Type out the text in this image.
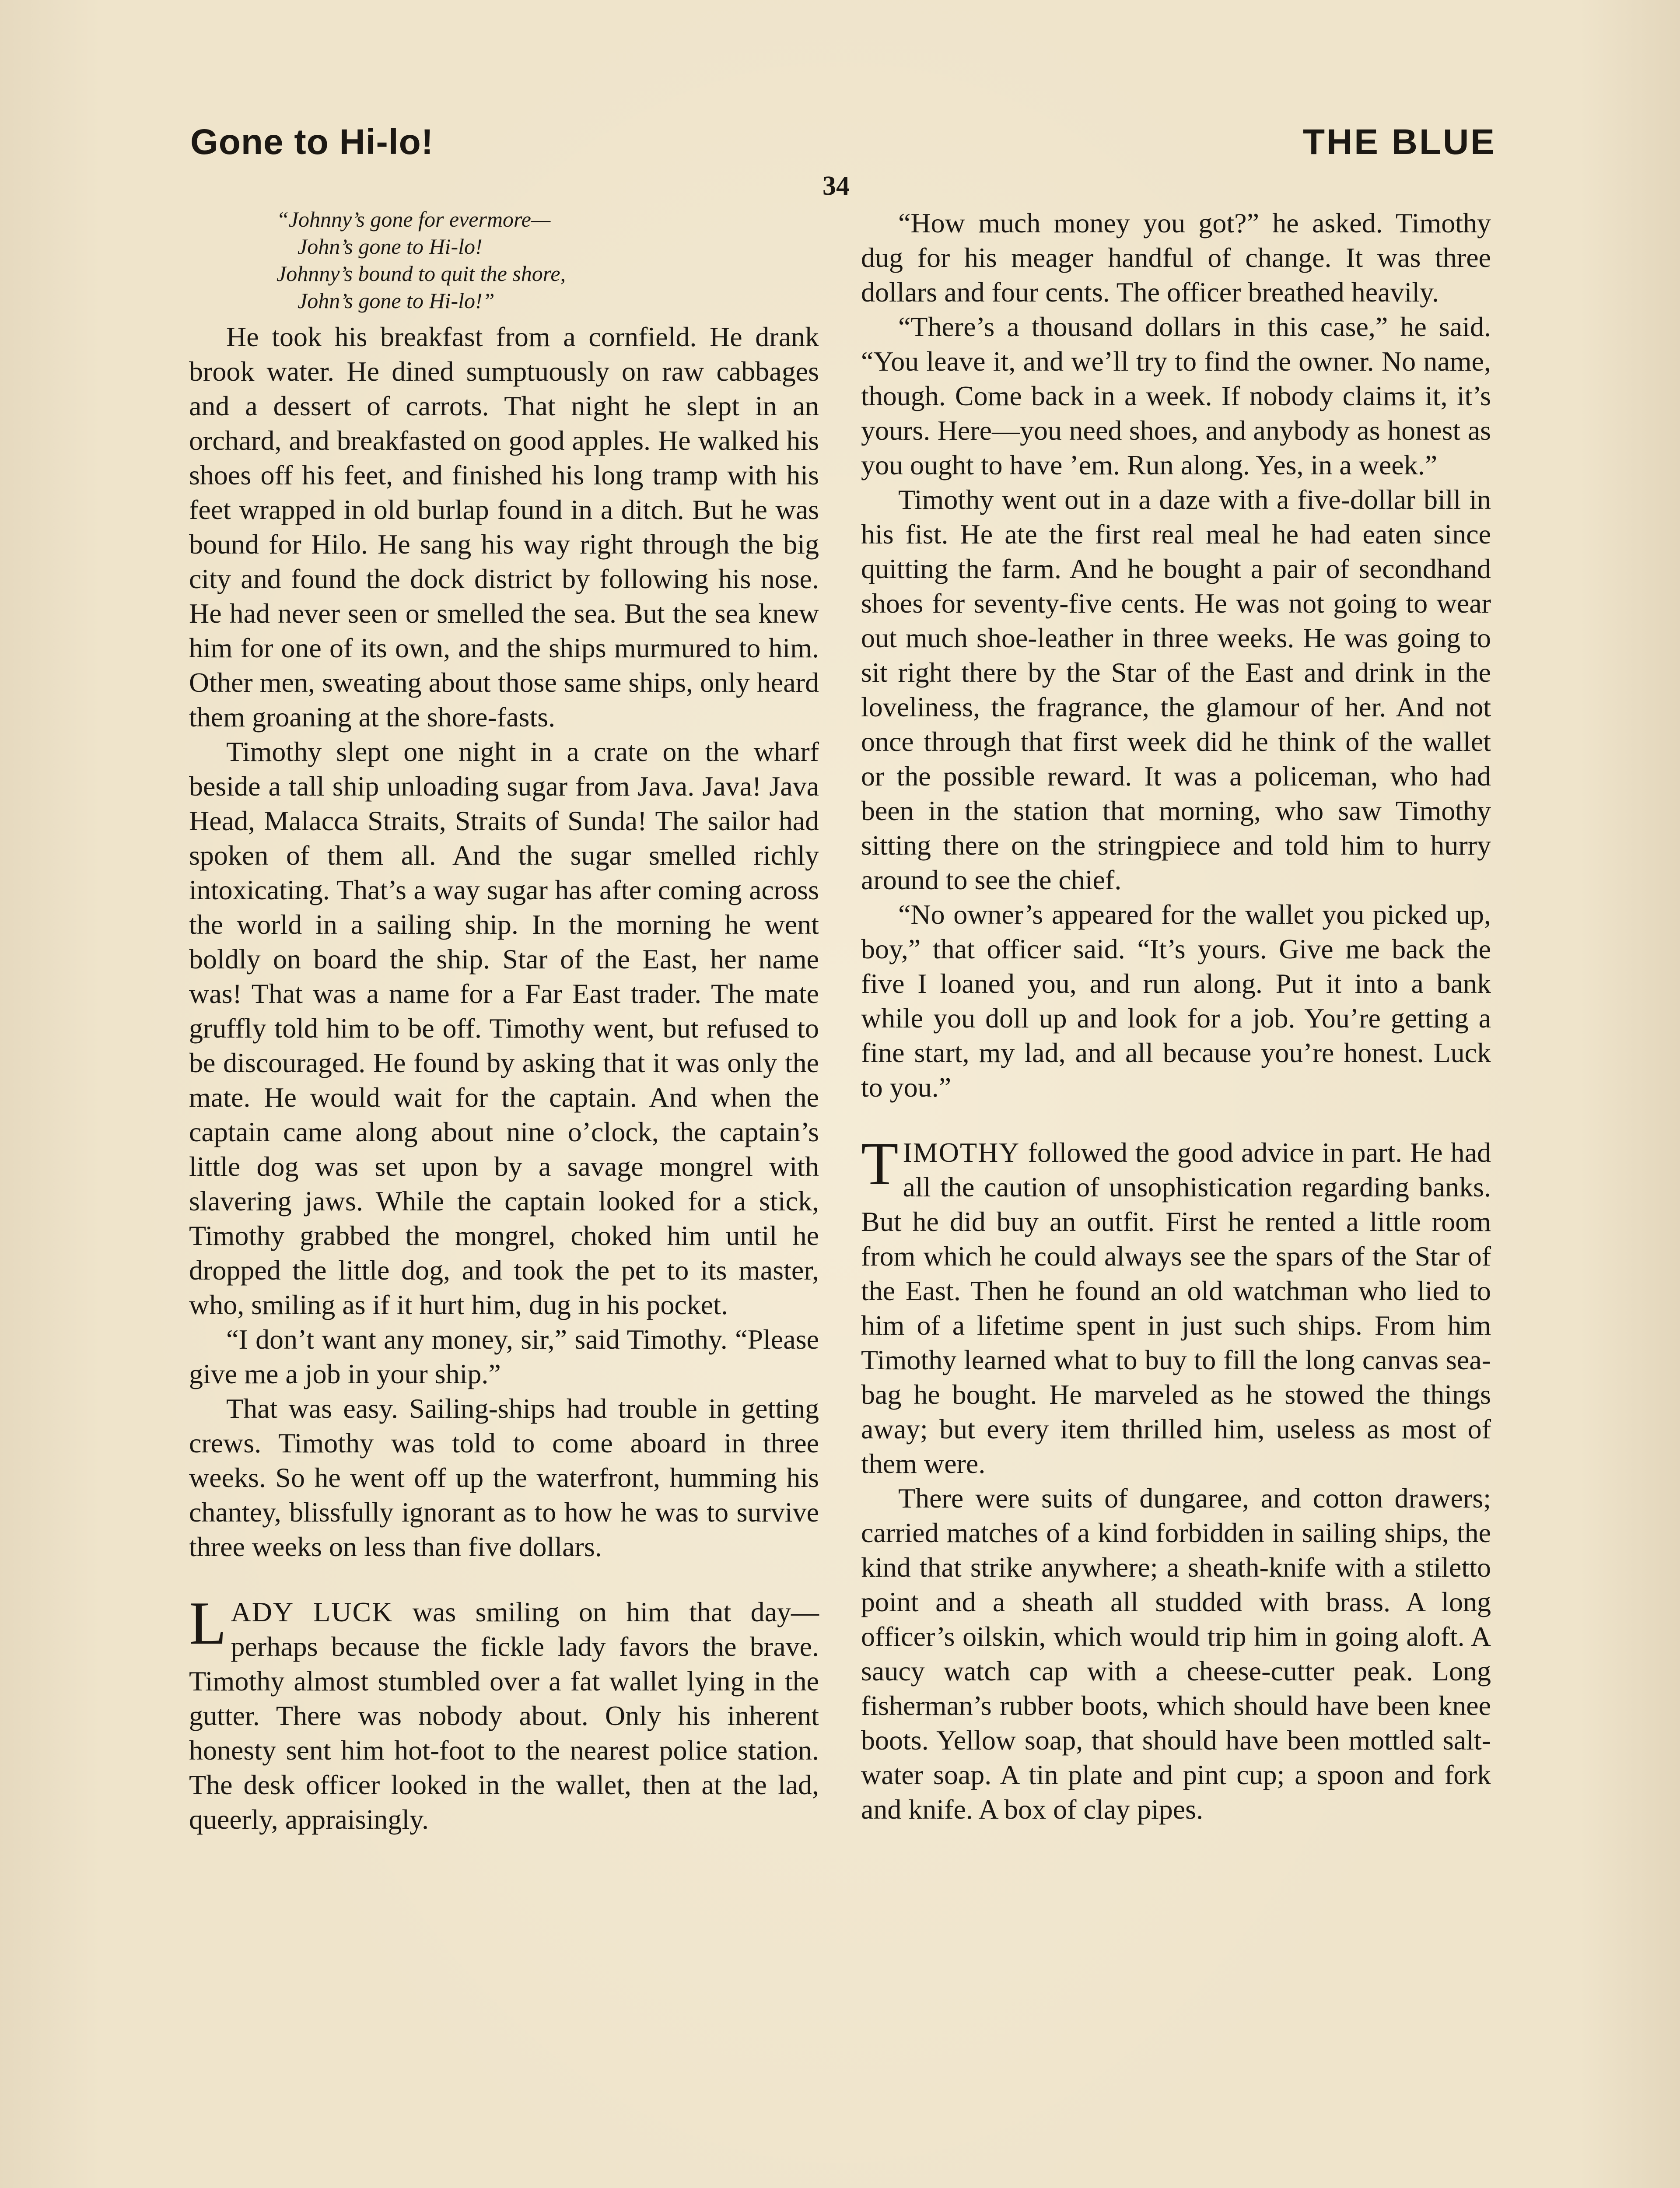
Gone to Hi-lo!	THE BLUE
34
“Johnny’s gone for evermore—
John’s gone to Hi-lo!
Johnny’s bound to quit the shore,
John’s gone to Hi-lo!”

He took his breakfast from a cornfield. He drank brook water. He dined sumptuously on raw cabbages and a dessert of carrots. That night he slept in an orchard, and breakfasted on good apples. He walked his shoes off his feet, and finished his long tramp with his feet wrapped in old burlap found in a ditch. But he was bound for Hilo. He sang his way right through the big city and found the dock district by following his nose. He had never seen or smelled the sea. But the sea knew him for one of its own, and the ships murmured to him. Other men, sweating about those same ships, only heard them groaning at the shore-fasts.

Timothy slept one night in a crate on the wharf beside a tall ship unloading sugar from Java. Java! Java Head, Malacca Straits, Straits of Sunda! The sailor had spoken of them all. And the sugar smelled richly intoxicating. That’s a way sugar has after coming across the world in a sailing ship. In the morning he went boldly on board the ship. Star of the East, her name was! That was a name for a Far East trader. The mate gruffly told him to be off. Timothy went, but refused to be discouraged. He found by asking that it was only the mate. He would wait for the captain. And when the captain came along about nine o’clock, the captain’s little dog was set upon by a savage mongrel with slavering jaws. While the captain looked for a stick, Timothy grabbed the mongrel, choked him until he dropped the little dog, and took the pet to its master, who, smiling as if it hurt him, dug in his pocket.

“I don’t want any money, sir,” said Timothy. “Please give me a job in your ship.”

That was easy. Sailing-ships had trouble in getting crews. Timothy was told to come aboard in three weeks. So he went off up the waterfront, humming his chantey, blissfully ignorant as to how he was to survive three weeks on less than five dollars.

LADY LUCK was smiling on him that day—perhaps because the fickle lady favors the brave. Timothy almost stumbled over a fat wallet lying in the gutter. There was nobody about. Only his inherent honesty sent him hot-foot to the nearest police station. The desk officer looked in the wallet, then at the lad, queerly, appraisingly.

“How much money you got?” he asked. Timothy dug for his meager handful of change. It was three dollars and four cents. The officer breathed heavily.

“There’s a thousand dollars in this case,” he said. “You leave it, and we’ll try to find the owner. No name, though. Come back in a week. If nobody claims it, it’s yours. Here—you need shoes, and anybody as honest as you ought to have ’em. Run along. Yes, in a week.”

Timothy went out in a daze with a five-dollar bill in his fist. He ate the first real meal he had eaten since quitting the farm. And he bought a pair of secondhand shoes for seventy-five cents. He was not going to wear out much shoe-leather in three weeks. He was going to sit right there by the Star of the East and drink in the loveliness, the fragrance, the glamour of her. And not once through that first week did he think of the wallet or the possible reward. It was a policeman, who had been in the station that morning, who saw Timothy sitting there on the stringpiece and told him to hurry around to see the chief.

“No owner’s appeared for the wallet you picked up, boy,” that officer said. “It’s yours. Give me back the five I loaned you, and run along. Put it into a bank while you doll up and look for a job. You’re getting a fine start, my lad, and all because you’re honest. Luck to you.”

TIMOTHY followed the good advice in part. He had all the caution of unsophistication regarding banks. But he did buy an outfit. First he rented a little room from which he could always see the spars of the Star of the East. Then he found an old watchman who lied to him of a lifetime spent in just such ships. From him Timothy learned what to buy to fill the long canvas sea-bag he bought. He marveled as he stowed the things away; but every item thrilled him, useless as most of them were.

There were suits of dungaree, and cotton drawers; carried matches of a kind forbidden in sailing ships, the kind that strike anywhere; a sheath-knife with a stiletto point and a sheath all studded with brass. A long officer’s oilskin, which would trip him in going aloft. A saucy watch cap with a cheese-cutter peak. Long fisherman’s rubber boots, which should have been knee boots. Yellow soap, that should have been mottled salt-water soap. A tin plate and pint cup; a spoon and fork and knife. A box of clay pipes.
